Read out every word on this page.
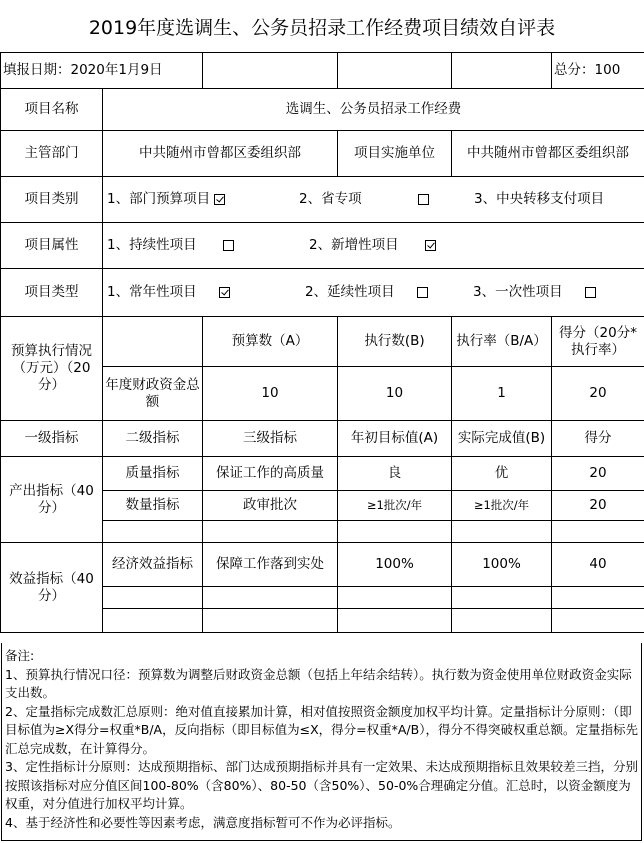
2019年度选调生、公务员招录工作经费项目绩效自评表
填报日期：2020年1月9日					总分：100
项目名称	选调生、公务员招录工作经费				
主管部门	中共随州市曾都区委组织部		项目实施单位	中共随州市曾都区委组织部	
项目类别	1、部门预算项目 2、省专项 3、中央转移支付项目				

项目属性	1、持续性项目 2、新增性项目				

项目类型	1、常年性项目 2、延续性项目 3、一次性项目				

预算执行情况（万元）（20分）		预算数（A）	执行数(B)	执行率（B/A）	得分（20分*执行率）
	年度财政资金总额	10	10	1	20
一级指标	二级指标	三级指标	年初目标值(A)	实际完成值(B)	得分
产出指标（40分）	质量指标	保证工作的高质量	良	优	20
	数量指标	政审批次	≥1批次/年	≥1批次/年	20

效益指标（40分）	经济效益指标	保障工作落到实处	100%	100%	40

备注:

1、预算执行情况口径：预算数为调整后财政资金总额（包括上年结余结转）。执行数为资金使用单位财政资金实际支出数。

2、定量指标完成数汇总原则：绝对值直接累加计算，相对值按照资金额度加权平均计算。定量指标计分原则：（即目标值为≥X得分=权重*B/A，反向指标（即目标值为≤X，得分=权重*A/B），得分不得突破权重总额。定量指标先汇总完成数，在计算得分。

3、定性指标计分原则：达成预期指标、部门达成预期指标并具有一定效果、未达成预期指标且效果较差三挡，分别按照该指标对应分值区间100-80%（含80%）、80-50（含50%）、50-0%合理确定分值。汇总时，以资金额度为权重，对分值进行加权平均计算。

4、基于经济性和必要性等因素考虑，满意度指标暂可不作为必评指标。
